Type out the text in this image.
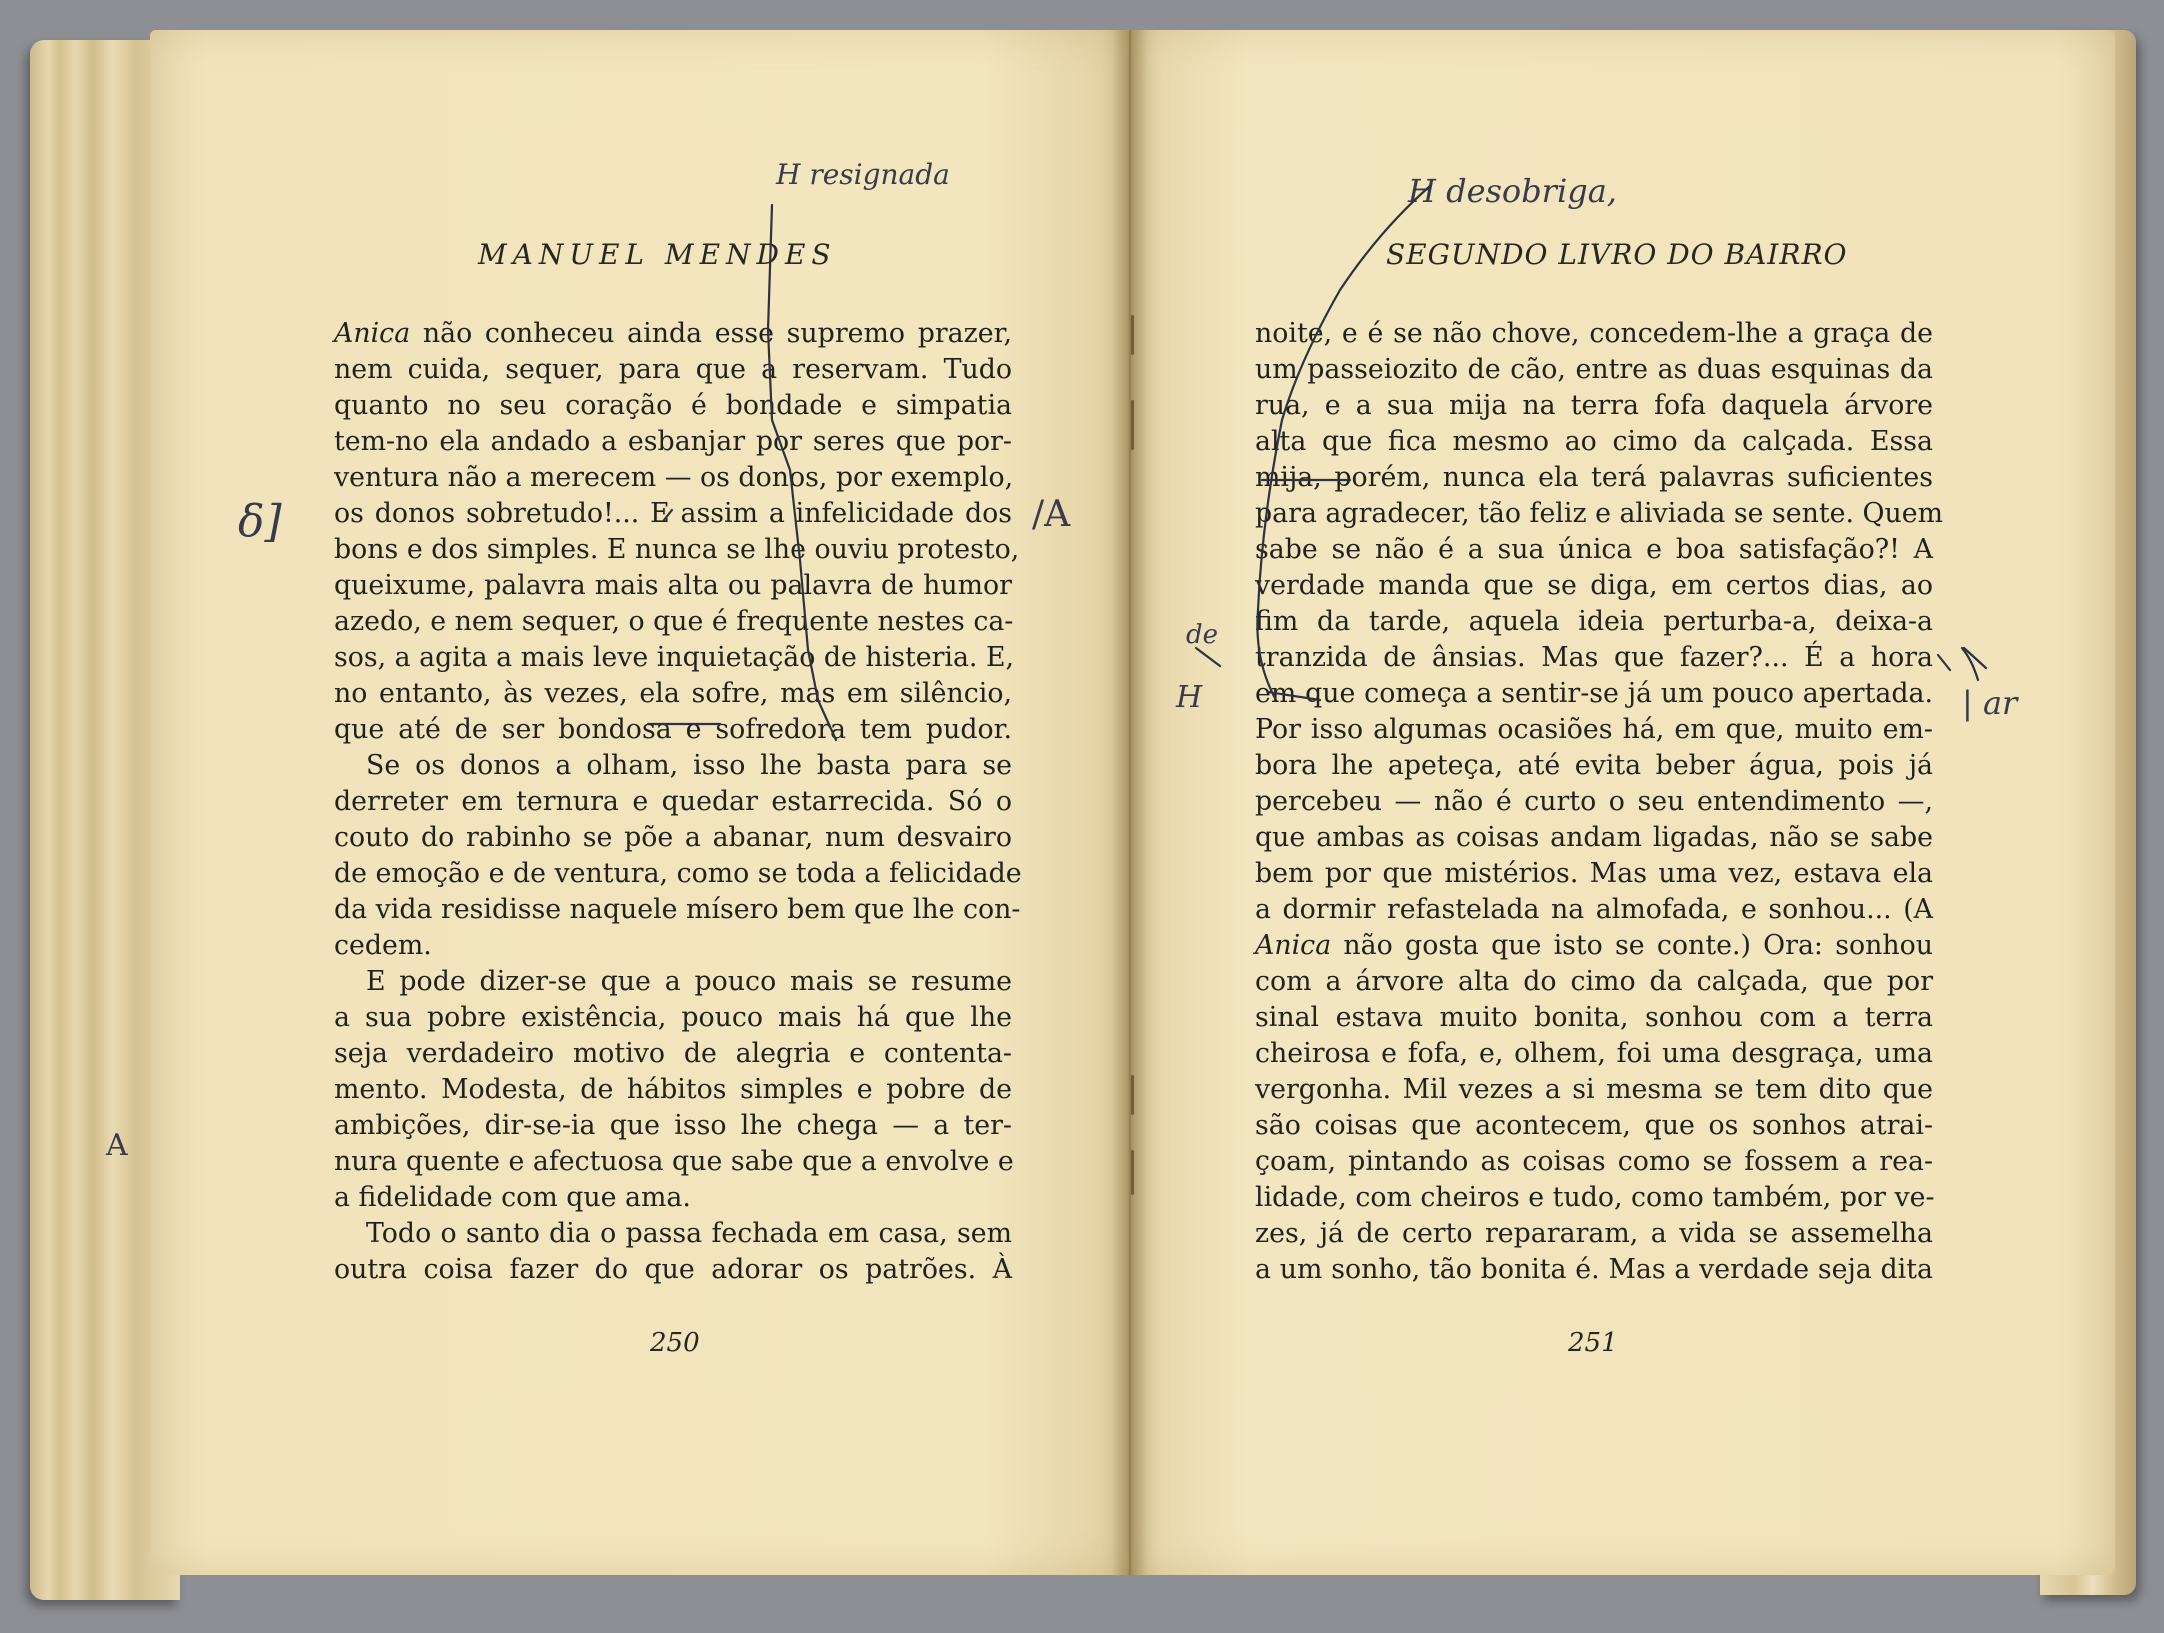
MANUEL MENDES	SEGUNDO LIVRO DO BAIRRO
Anica não conheceu ainda esse supremo prazer,
nem cuida, sequer, para que a reservam. Tudo
quanto no seu coração é bondade e simpatia
tem-no ela andado a esbanjar por seres que por-
ventura não a merecem — os donos, por exemplo,
os donos sobretudo!... E assim a infelicidade dos
bons e dos simples. E nunca se lhe ouviu protesto,
queixume, palavra mais alta ou palavra de humor
azedo, e nem sequer, o que é frequente nestes ca-
sos, a agita a mais leve inquietação de histeria. E,
no entanto, às vezes, ela sofre, mas em silêncio,
que até de ser bondosa e sofredora tem pudor.
Se os donos a olham, isso lhe basta para se
derreter em ternura e quedar estarrecida. Só o
couto do rabinho se põe a abanar, num desvairo
de emoção e de ventura, como se toda a felicidade
da vida residisse naquele mísero bem que lhe con-
cedem.
E pode dizer-se que a pouco mais se resume
a sua pobre existência, pouco mais há que lhe
seja verdadeiro motivo de alegria e contenta-
mento. Modesta, de hábitos simples e pobre de
ambições, dir-se-ia que isso lhe chega — a ter-
nura quente e afectuosa que sabe que a envolve e
a fidelidade com que ama.
Todo o santo dia o passa fechada em casa, sem
outra coisa fazer do que adorar os patrões. À
noite, e é se não chove, concedem-lhe a graça de
um passeiozito de cão, entre as duas esquinas da
rua, e a sua mija na terra fofa daquela árvore
alta que fica mesmo ao cimo da calçada. Essa
mija, porém, nunca ela terá palavras suficientes
para agradecer, tão feliz e aliviada se sente. Quem
sabe se não é a sua única e boa satisfação?! A
verdade manda que se diga, em certos dias, ao
fim da tarde, aquela ideia perturba-a, deixa-a
tranzida de ânsias. Mas que fazer?... É a hora
em que começa a sentir-se já um pouco apertada.
Por isso algumas ocasiões há, em que, muito em-
bora lhe apeteça, até evita beber água, pois já
percebeu — não é curto o seu entendimento —,
que ambas as coisas andam ligadas, não se sabe
bem por que mistérios. Mas uma vez, estava ela
a dormir refastelada na almofada, e sonhou... (A
Anica não gosta que isto se conte.) Ora: sonhou
com a árvore alta do cimo da calçada, que por
sinal estava muito bonita, sonhou com a terra
cheirosa e fofa, e, olhem, foi uma desgraça, uma
vergonha. Mil vezes a si mesma se tem dito que
são coisas que acontecem, que os sonhos atrai-
çoam, pintando as coisas como se fossem a rea-
lidade, com cheiros e tudo, como também, por ve-
zes, já de certo repararam, a vida se assemelha
a um sonho, tão bonita é. Mas a verdade seja dita
250	251
H resignada
δ]
A
/A
H desobriga,
de
H	| ar
